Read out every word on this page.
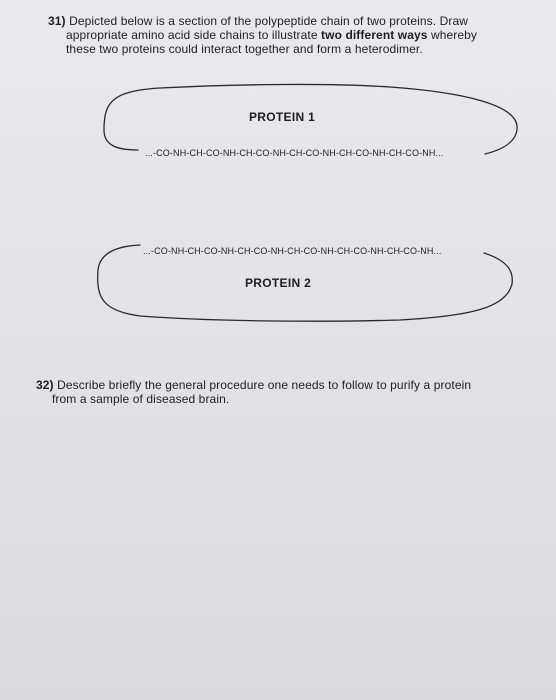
31) Depicted below is a section of the polypeptide chain of two proteins. Draw
appropriate amino acid side chains to illustrate two different ways whereby
these two proteins could interact together and form a heterodimer.
PROTEIN 1
...-CO-NH-CH-CO-NH-CH-CO-NH-CH-CO-NH-CH-CO-NH-CH-CO-NH...
...-CO-NH-CH-CO-NH-CH-CO-NH-CH-CO-NH-CH-CO-NH-CH-CO-NH...
PROTEIN 2
32) Describe briefly the general procedure one needs to follow to purify a protein
from a sample of diseased brain.
